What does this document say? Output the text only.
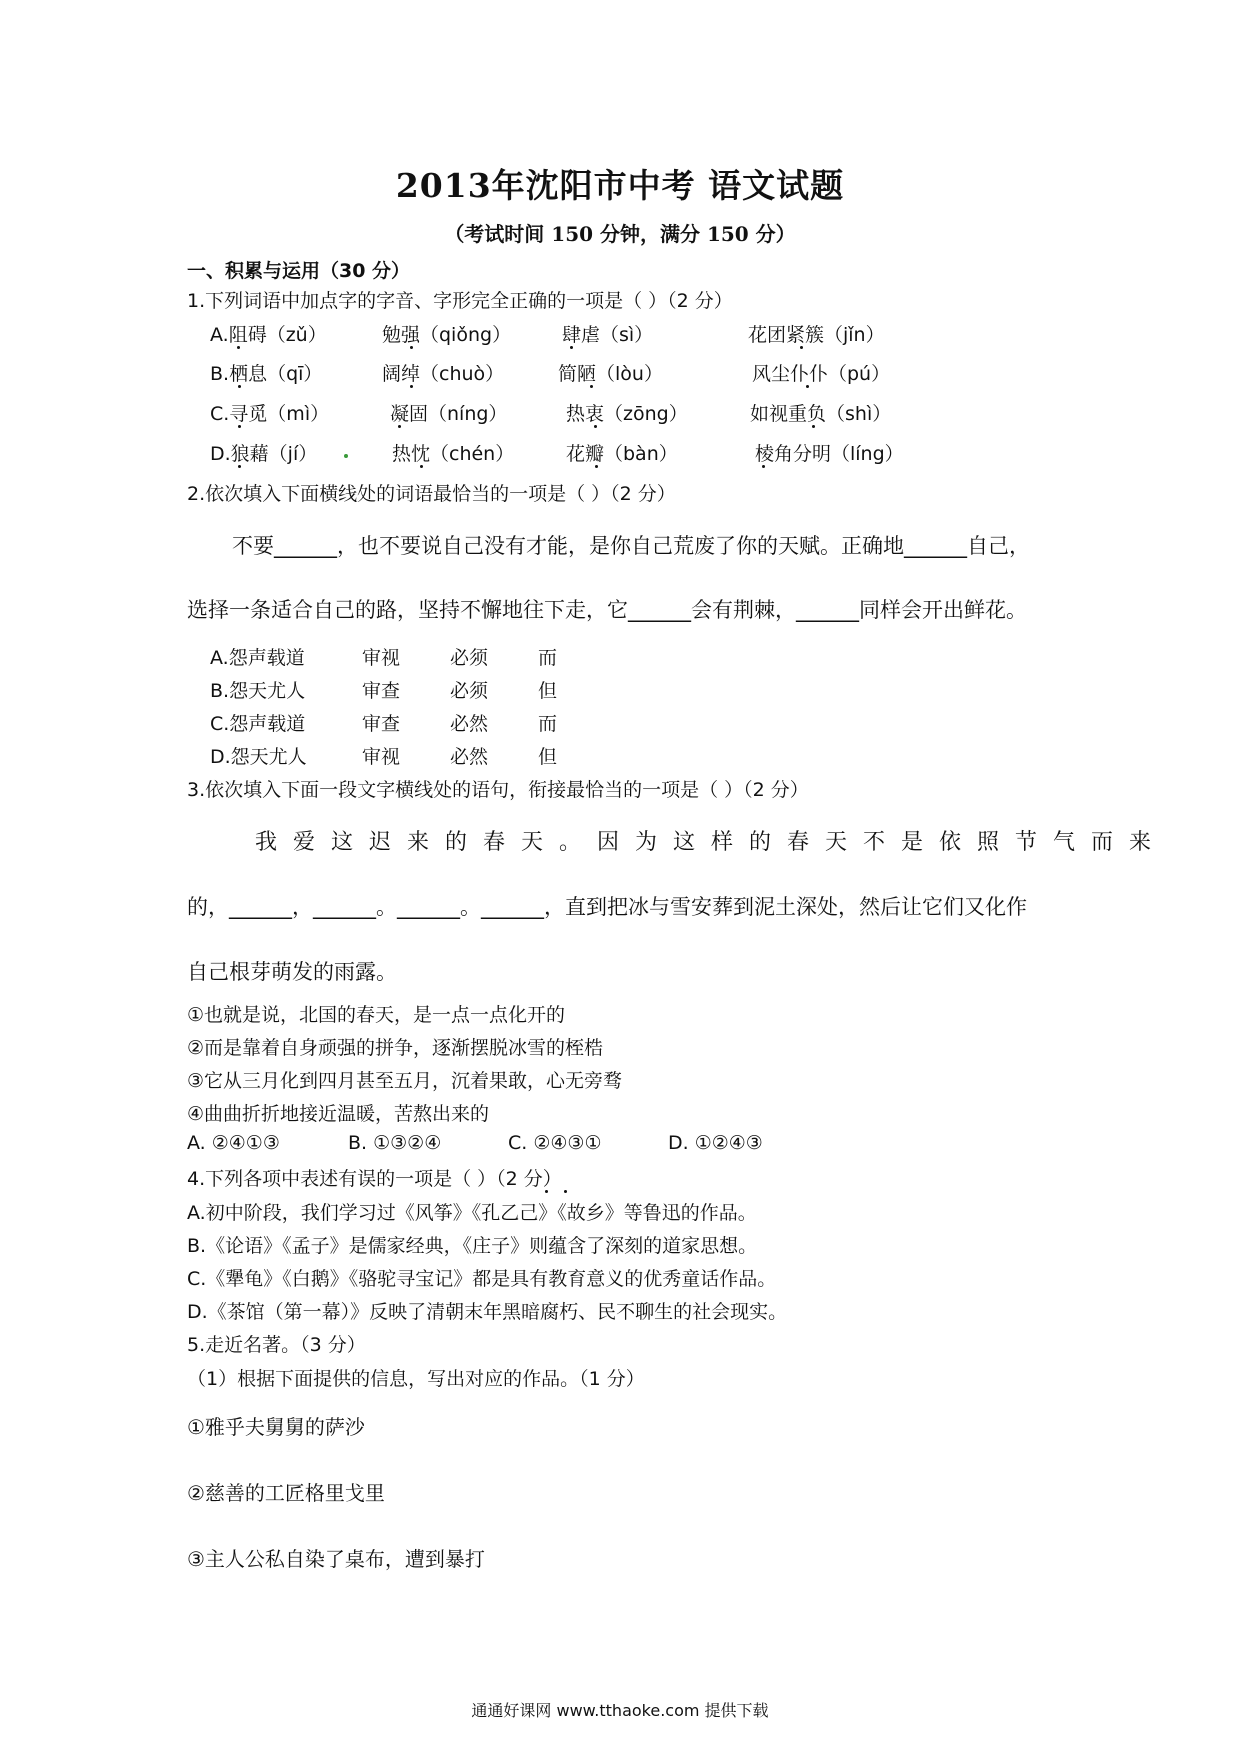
2013年沈阳市中考 语文试题
（考试时间 150 分钟，满分 150 分）
一、积累与运用（30 分）
1.下列词语中加点字的字音、字形完全正确的一项是（ ）（2 分）
A.阻碍（zǔ）	勉强（qiǒng）	肆虐（sì）	花团紧簇（jǐn）
B.栖息（qī）	阔绰（chuò）	简陋（lòu）	风尘仆仆（pú）
C.寻觅（mì）	凝固（níng）	热衷（zōng）	如视重负（shì）
D.狼藉（jí）	热忱（chén）	花瓣（bàn）	棱角分明（líng）
2.依次填入下面横线处的词语最恰当的一项是（ ）（2 分）
不要______，也不要说自己没有才能，是你自己荒废了你的天赋。正确地______自己，
选择一条适合自己的路，坚持不懈地往下走，它______会有荆棘，______同样会开出鲜花。
A.怨声载道	审视	必须	而
B.怨天尤人	审查	必须	但
C.怨声载道	审查	必然	而
D.怨天尤人	审视	必然	但
3.依次填入下面一段文字横线处的语句，衔接最恰当的一项是（ ）（2 分）
我爱这迟来的春天。因为这样的春天不是依照节气而来
的，______，______。______。______，直到把冰与雪安葬到泥土深处，然后让它们又化作
自己根芽萌发的雨露。
①也就是说，北国的春天，是一点一点化开的
②而是靠着自身顽强的拼争，逐渐摆脱冰雪的桎梏
③它从三月化到四月甚至五月，沉着果敢，心无旁骛
④曲曲折折地接近温暖，苦熬出来的
A. ②④①③	B. ①③②④	C. ②④③①	D. ①②④③
4.下列各项中表述有误的一项是（ ）（2 分）
A.初中阶段，我们学习过《风筝》《孔乙己》《故乡》等鲁迅的作品。
B.《论语》《孟子》是儒家经典，《庄子》则蕴含了深刻的道家思想。
C.《犟龟》《白鹅》《骆驼寻宝记》都是具有教育意义的优秀童话作品。
D.《茶馆（第一幕）》反映了清朝末年黑暗腐朽、民不聊生的社会现实。
5.走近名著。（3 分）
（1）根据下面提供的信息，写出对应的作品。（1 分）
①雅乎夫舅舅的萨沙
②慈善的工匠格里戈里
③主人公私自染了桌布，遭到暴打
通通好课网 www.tthaoke.com 提供下载
